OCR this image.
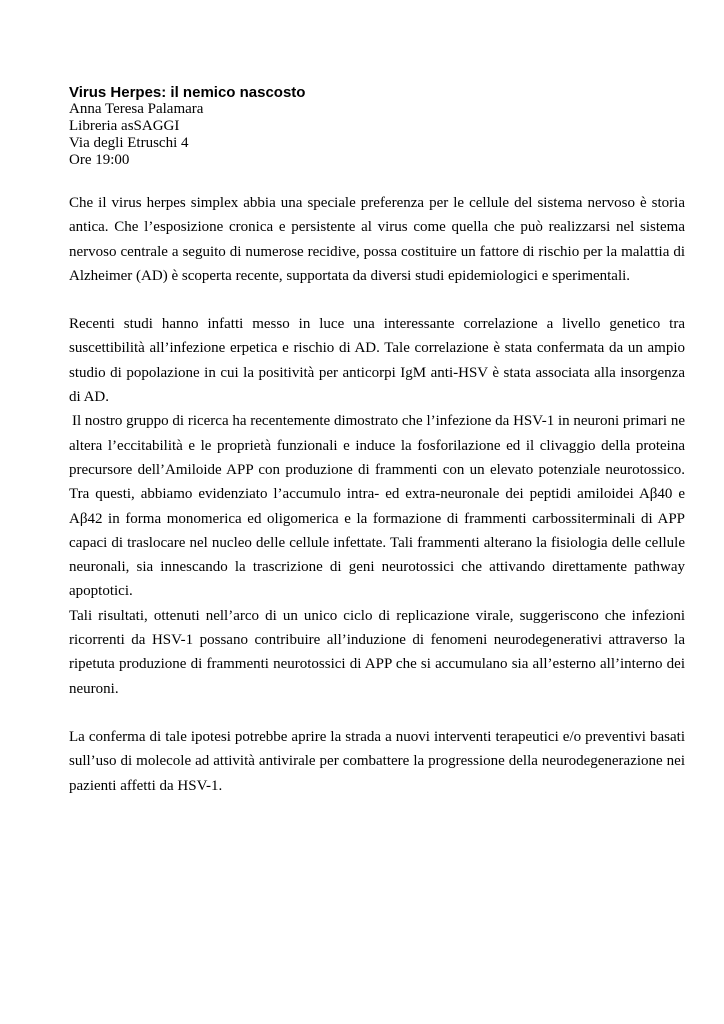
Virus Herpes: il nemico nascosto

Anna Teresa Palamara

Libreria asSAGGI

Via degli Etruschi 4

Ore 19:00

Che il virus herpes simplex abbia una speciale preferenza per le cellule del sistema nervoso è storia antica. Che l’esposizione cronica e persistente al virus come quella che può realizzarsi nel sistema nervoso centrale a seguito di numerose recidive, possa costituire un fattore di rischio per la malattia di Alzheimer (AD) è scoperta recente, supportata da diversi studi epidemiologici e sperimentali.

Recenti studi hanno infatti messo in luce una interessante correlazione a livello genetico tra suscettibilità all’infezione erpetica e rischio di AD. Tale correlazione è stata confermata da un ampio studio di popolazione in cui la positività per anticorpi IgM anti-HSV è stata associata alla insorgenza di AD.

Il nostro gruppo di ricerca ha recentemente dimostrato che l’infezione da HSV-1 in neuroni primari ne altera l’eccitabilità e le proprietà funzionali e induce la fosforilazione ed il clivaggio della proteina precursore dell’Amiloide APP con produzione di frammenti con un elevato potenziale neurotossico. Tra questi, abbiamo evidenziato l’accumulo intra- ed extra-neuronale dei peptidi amiloidei Aβ40 e Aβ42 in forma monomerica ed oligomerica e la formazione di frammenti carbossiterminali di APP capaci di traslocare nel nucleo delle cellule infettate. Tali frammenti alterano la fisiologia delle cellule neuronali, sia innescando la trascrizione di geni neurotossici che attivando direttamente pathway apoptotici.

Tali risultati, ottenuti nell’arco di un unico ciclo di replicazione virale, suggeriscono che infezioni ricorrenti da HSV-1 possano contribuire all’induzione di fenomeni neurodegenerativi attraverso la ripetuta produzione di frammenti neurotossici di APP che si accumulano sia all’esterno all’interno dei neuroni.

La conferma di tale ipotesi potrebbe aprire la strada a nuovi interventi terapeutici e/o preventivi basati sull’uso di molecole ad attività antivirale per combattere la progressione della neurodegenerazione nei pazienti affetti da HSV-1.
